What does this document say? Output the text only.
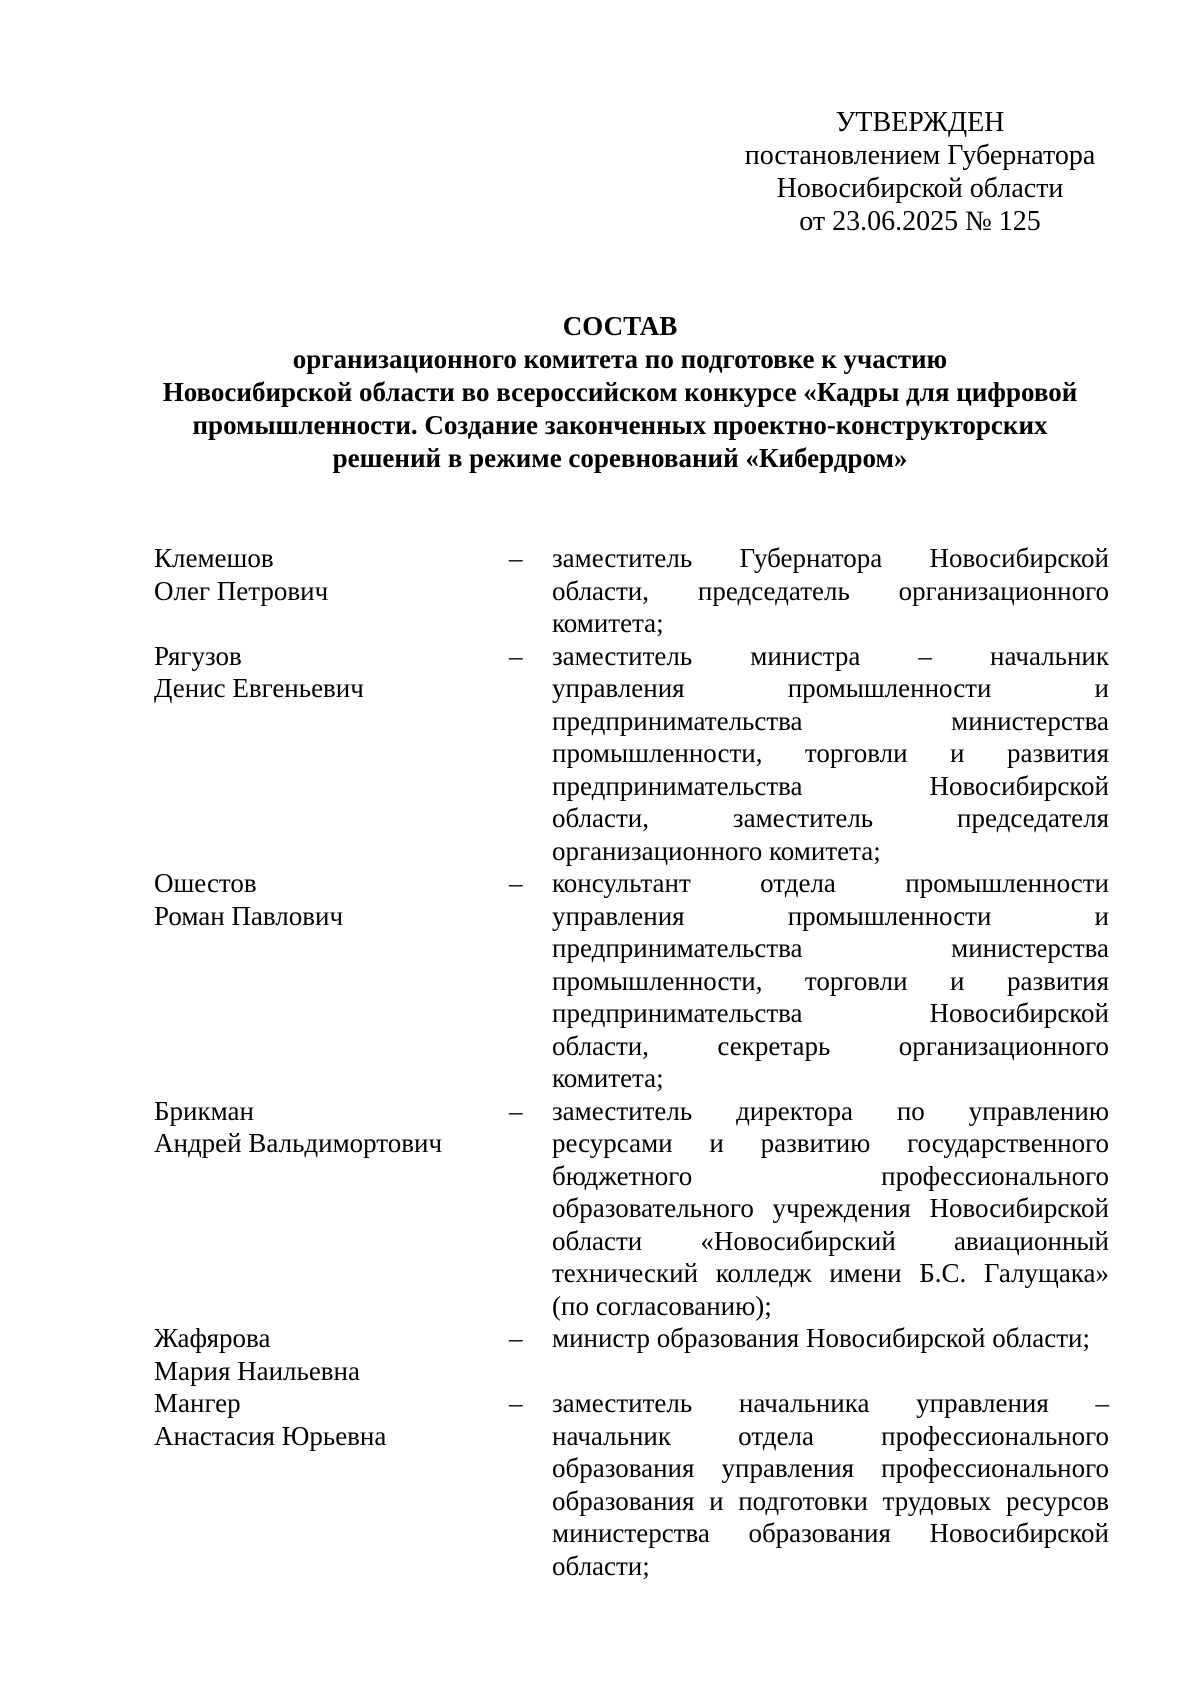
УТВЕРЖДЕН
постановлением Губернатора
Новосибирской области
от 23.06.2025 № 125
СОСТАВ
организационного комитета по подготовке к участию
Новосибирской области во всероссийском конкурсе «Кадры для цифровой
промышленности. Создание законченных проектно-конструкторских
решений в режиме соревнований «Кибердром»
Клемешов
Олег Петрович
–	заместитель Губернатора Новосибирской
области, председатель организационного
комитета;
Рягузов
Денис Евгеньевич
–	заместитель министра – начальник
управления промышленности и
предпринимательства министерства
промышленности, торговли и развития
предпринимательства Новосибирской
области, заместитель председателя
организационного комитета;
Ошестов
Роман Павлович
–	консультант отдела промышленности
управления промышленности и
предпринимательства министерства
промышленности, торговли и развития
предпринимательства Новосибирской
области, секретарь организационного
комитета;
Брикман
Андрей Вальдимортович
–	заместитель директора по управлению
ресурсами и развитию государственного
бюджетного профессионального
образовательного учреждения Новосибирской
области «Новосибирский авиационный
технический колледж имени Б.С. Галущака»
(по согласованию);
Жафярова
Мария Наильевна
–	министр образования Новосибирской области;
Мангер
Анастасия Юрьевна
–	заместитель начальника управления –
начальник отдела профессионального
образования управления профессионального
образования и подготовки трудовых ресурсов
министерства образования Новосибирской
области;
